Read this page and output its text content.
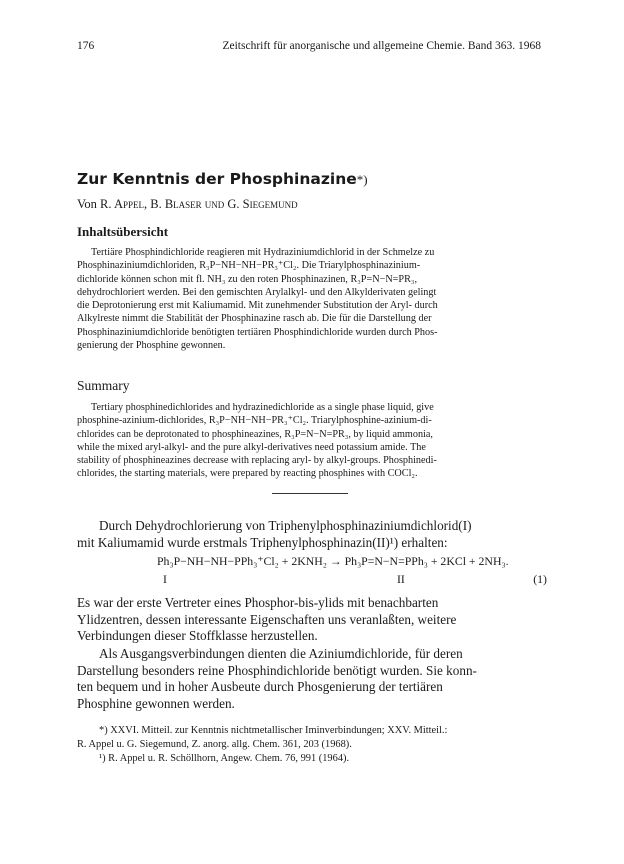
176	Zeitschrift für anorganische und allgemeine Chemie. Band 363. 1968
Zur Kenntnis der Phosphinazine*)
Von R. Appel, B. Blaser und G. Siegemund
Inhaltsübersicht
Tertiäre Phosphindichloride reagieren mit Hydraziniumdichlorid in der Schmelze zu
Phosphinaziniumdichloriden, R₃P−NH−NH−PR₃⁺Cl₂. Die Triarylphosphinazinium-
dichloride können schon mit fl. NH₃ zu den roten Phosphinazinen, R₃P=N−N=PR₃,
dehydrochloriert werden. Bei den gemischten Arylalkyl- und den Alkylderivaten gelingt
die Deprotonierung erst mit Kaliumamid. Mit zunehmender Substitution der Aryl- durch
Alkylreste nimmt die Stabilität der Phosphinazine rasch ab. Die für die Darstellung der
Phosphinaziniumdichloride benötigten tertiären Phosphindichloride wurden durch Phos-
genierung der Phosphine gewonnen.
Summary
Tertiary phosphinedichlorides and hydrazinedichloride as a single phase liquid, give
phosphine-azinium-dichlorides, R₃P−NH−NH−PR₃⁺Cl₂. Triarylphosphine-azinium-di-
chlorides can be deprotonated to phosphineazines, R₃P=N−N=PR₃, by liquid ammonia,
while the mixed aryl-alkyl- and the pure alkyl-derivatives need potassium amide. The
stability of phosphineazines decrease with replacing aryl- by alkyl-groups. Phosphinedi-
chlorides, the starting materials, were prepared by reacting phosphines with COCl₂.
Durch Dehydrochlorierung von Triphenylphosphinaziniumdichlorid(I)
mit Kaliumamid wurde erstmals Triphenylphosphinazin(II)¹) erhalten:
Ph₃P−NH−NH−PPh₃⁺Cl₂ + 2KNH₂ → Ph₃P=N−N=PPh₃ + 2KCl + 2NH₃.
I	II	(1)
Es war der erste Vertreter eines Phosphor-bis-ylids mit benachbarten
Ylidzentren, dessen interessante Eigenschaften uns veranlaßten, weitere
Verbindungen dieser Stoffklasse herzustellen.
Als Ausgangsverbindungen dienten die Aziniumdichloride, für deren
Darstellung besonders reine Phosphindichloride benötigt wurden. Sie konn-
ten bequem und in hoher Ausbeute durch Phosgenierung der tertiären
Phosphine gewonnen werden.
*) XXVI. Mitteil. zur Kenntnis nichtmetallischer Iminverbindungen; XXV. Mitteil.:
R. Appel u. G. Siegemund, Z. anorg. allg. Chem. 361, 203 (1968).
¹) R. Appel u. R. Schöllhorn, Angew. Chem. 76, 991 (1964).
